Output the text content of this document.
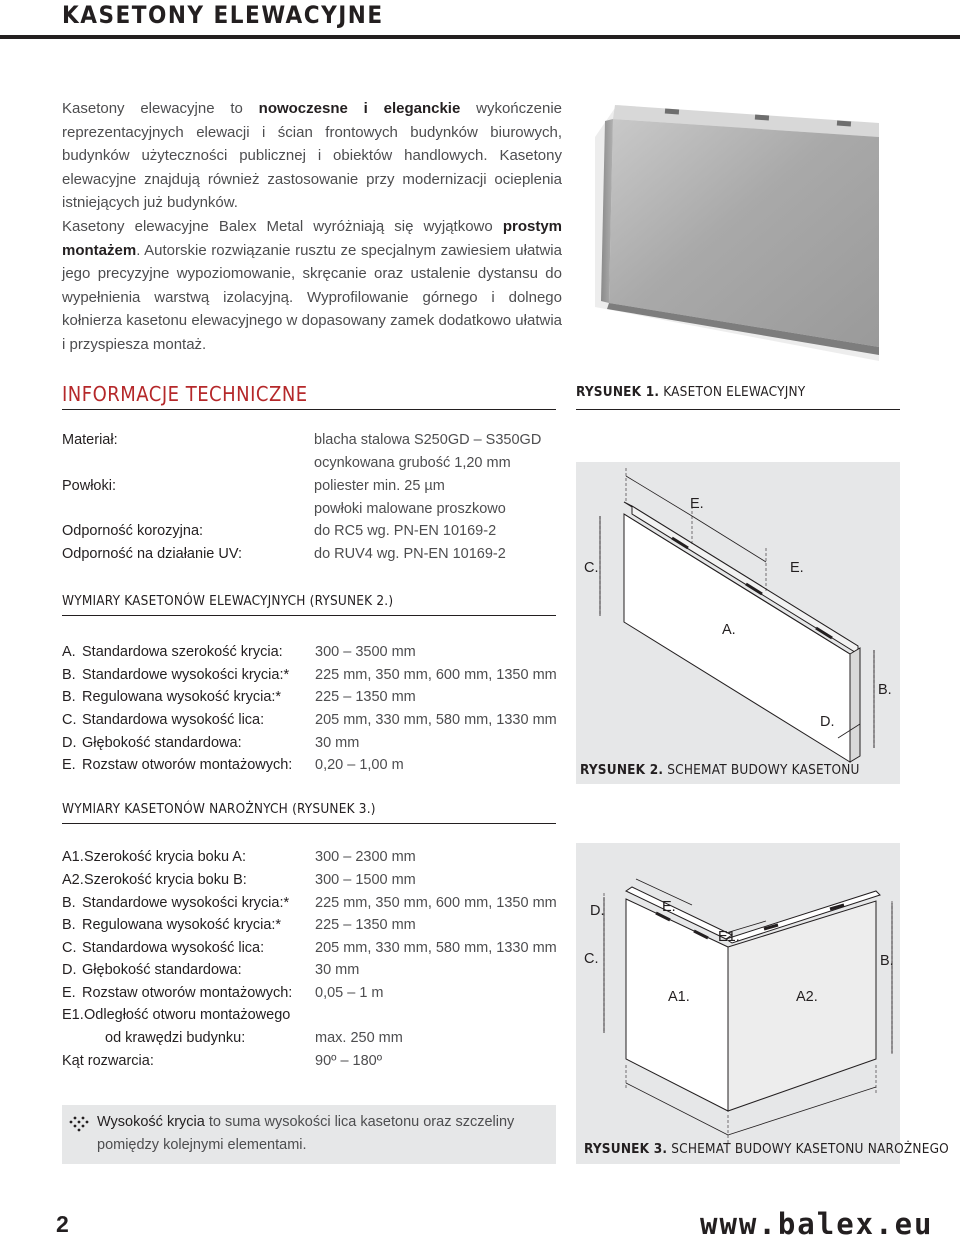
KASETONY ELEWACYJNE

Kasetony elewacyjne to nowoczesne i eleganckie wykończenie reprezentacyjnych elewacji i ścian frontowych budynków biurowych, budynków użyteczności publicznej i obiektów handlowych. Kasetony elewacyjne znajdują również zastosowanie przy modernizacji ocieplenia istniejących już budynków.

Kasetony elewacyjne Balex Metal wyróżniają się wyjątkowo prostym montażem. Autorskie rozwiązanie rusztu ze specjalnym zawiesiem ułatwia jego precyzyjne wypoziomowanie, skręcanie oraz ustalenie dystansu do wypełnienia warstwą izolacyjną. Wyprofilowanie górnego i dolnego kołnierza kasetonu elewacyjnego w dopasowany zamek dodatkowo ułatwia i przyspiesza montaż.

INFORMACJE TECHNICZNE	RYSUNEK 1. KASETON ELEWACYJNY
Materiał:	blacha stalowa S250GD – S350GD
ocynkowana grubość 1,20 mm
Powłoki:	poliester min. 25 µm
powłoki malowane proszkowo
Odporność korozyjna:	do RC5 wg. PN-EN 10169-2
Odporność na działanie UV:	do RUV4 wg. PN-EN 10169-2
WYMIARY KASETONÓW ELEWACYJNYCH (RYSUNEK 2.)
A. Standardowa szerokość krycia: 300 – 3500 mm
B. Standardowe wysokości krycia:* 225 mm, 350 mm, 600 mm, 1350 mm
B. Regulowana wysokość krycia:* 225 – 1350 mm
C. Standardowa wysokość lica:	205 mm, 330 mm, 580 mm, 1330 mm
D. Głębokość standardowa:	30 mm
E. Rozstaw otworów montażowych: 0,20 – 1,00 m
E.
C.	E.
A.
B.
D.
RYSUNEK 2. SCHEMAT BUDOWY KASETONU
WYMIARY KASETONÓW NAROŻNYCH (RYSUNEK 3.)
A1. Szerokość krycia boku A:	300 – 2300 mm
A2. Szerokość krycia boku B:	300 – 1500 mm
B. Standardowe wysokości krycia:* 225 mm, 350 mm, 600 mm, 1350 mm
B. Regulowana wysokość krycia:* 225 – 1350 mm
C. Standardowa wysokość lica:	205 mm, 330 mm, 580 mm, 1330 mm
D. Głębokość standardowa:	30 mm
E. Rozstaw otworów montażowych: 0,05 – 1 m
E1. Odległość otworu montażowego
od krawędzi budynku:	max. 250 mm
Kąt rozwarcia:	90º – 180º
D.	E.
E1.
C.	B.
A1.	A2.
RYSUNEK 3. SCHEMAT BUDOWY KASETONU NAROŻNEGO

Wysokość krycia to suma wysokości lica kasetonu oraz szczeliny pomiędzy kolejnymi elementami.

2	www.balex.eu
